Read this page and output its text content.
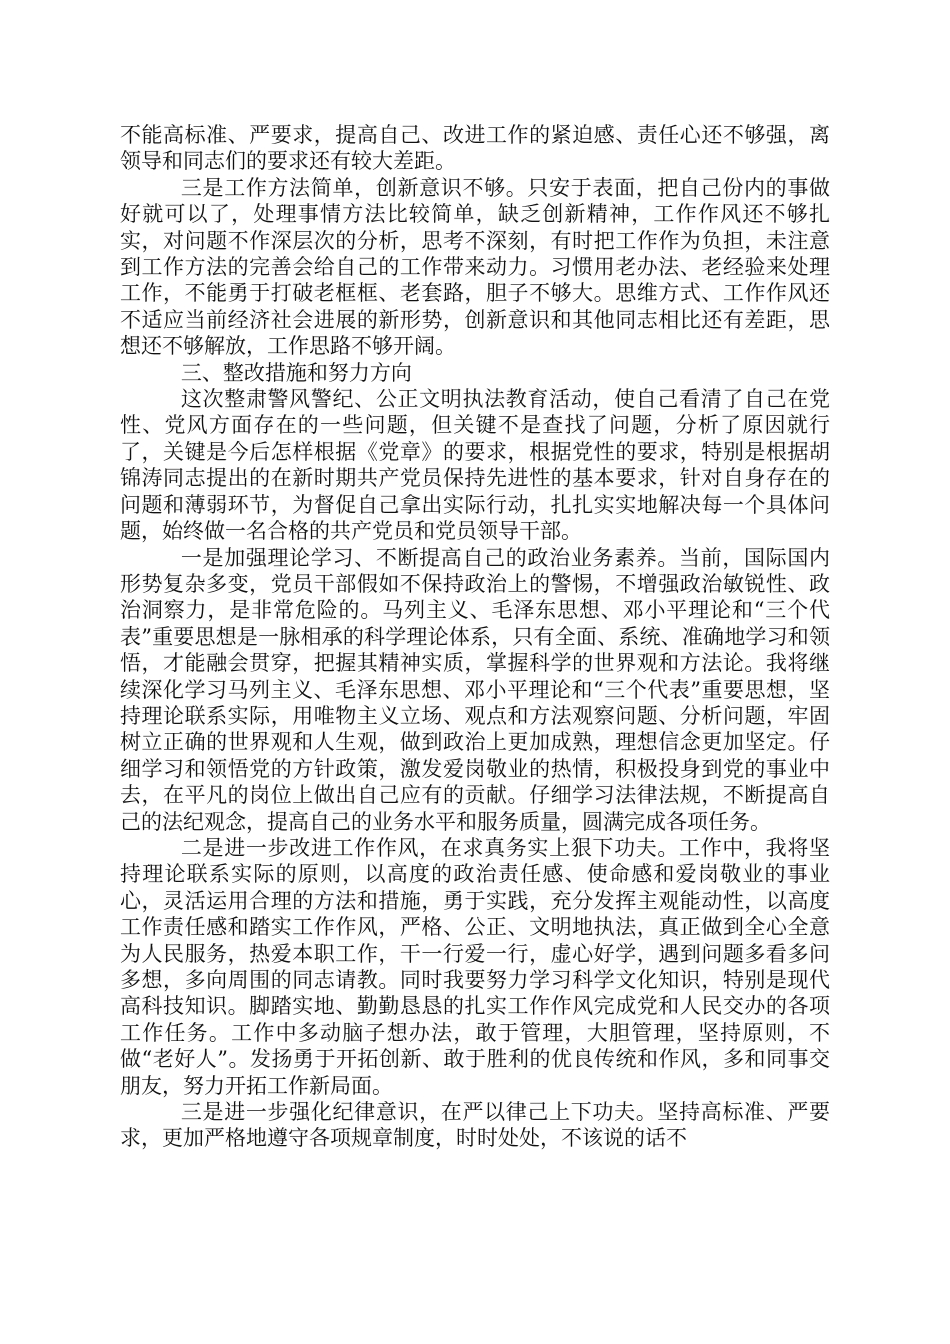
不能高标准、严要求，提高自己、改进工作的紧迫感、责任心还不够强，离领导和同志们的要求还有较大差距。

三是工作方法简单，创新意识不够。只安于表面，把自己份内的事做好就可以了，处理事情方法比较简单，缺乏创新精神，工作作风还不够扎实，对问题不作深层次的分析，思考不深刻，有时把工作作为负担，未注意到工作方法的完善会给自己的工作带来动力。习惯用老办法、老经验来处理工作，不能勇于打破老框框、老套路，胆子不够大。思维方式、工作作风还不适应当前经济社会进展的新形势，创新意识和其他同志相比还有差距，思想还不够解放，工作思路不够开阔。

三、整改措施和努力方向

这次整肃警风警纪、公正文明执法教育活动，使自己看清了自己在党性、党风方面存在的一些问题，但关键不是查找了问题，分析了原因就行了，关键是今后怎样根据《党章》的要求，根据党性的要求，特别是根据胡锦涛同志提出的在新时期共产党员保持先进性的基本要求，针对自身存在的问题和薄弱环节，为督促自己拿出实际行动，扎扎实实地解决每一个具体问题，始终做一名合格的共产党员和党员领导干部。

一是加强理论学习、不断提高自己的政治业务素养。当前，国际国内形势复杂多变，党员干部假如不保持政治上的警惕，不增强政治敏锐性、政治洞察力，是非常危险的。马列主义、毛泽东思想、邓小平理论和“三个代表”重要思想是一脉相承的科学理论体系，只有全面、系统、准确地学习和领悟，才能融会贯穿，把握其精神实质，掌握科学的世界观和方法论。我将继续深化学习马列主义、毛泽东思想、邓小平理论和“三个代表”重要思想，坚持理论联系实际，用唯物主义立场、观点和方法观察问题、分析问题，牢固树立正确的世界观和人生观，做到政治上更加成熟，理想信念更加坚定。仔细学习和领悟党的方针政策，激发爱岗敬业的热情，积极投身到党的事业中去，在平凡的岗位上做出自己应有的贡献。仔细学习法律法规，不断提高自己的法纪观念，提高自己的业务水平和服务质量，圆满完成各项任务。

二是进一步改进工作作风，在求真务实上狠下功夫。工作中，我将坚持理论联系实际的原则，以高度的政治责任感、使命感和爱岗敬业的事业心，灵活运用合理的方法和措施，勇于实践，充分发挥主观能动性，以高度工作责任感和踏实工作作风，严格、公正、文明地执法，真正做到全心全意为人民服务，热爱本职工作，干一行爱一行，虚心好学，遇到问题多看多问多想，多向周围的同志请教。同时我要努力学习科学文化知识，特别是现代高科技知识。脚踏实地、勤勤恳恳的扎实工作作风完成党和人民交办的各项工作任务。工作中多动脑子想办法，敢于管理，大胆管理，坚持原则，不做“老好人”。发扬勇于开拓创新、敢于胜利的优良传统和作风，多和同事交朋友，努力开拓工作新局面。

三是进一步强化纪律意识，在严以律己上下功夫。坚持高标准、严要求，更加严格地遵守各项规章制度，时时处处，不该说的话不
